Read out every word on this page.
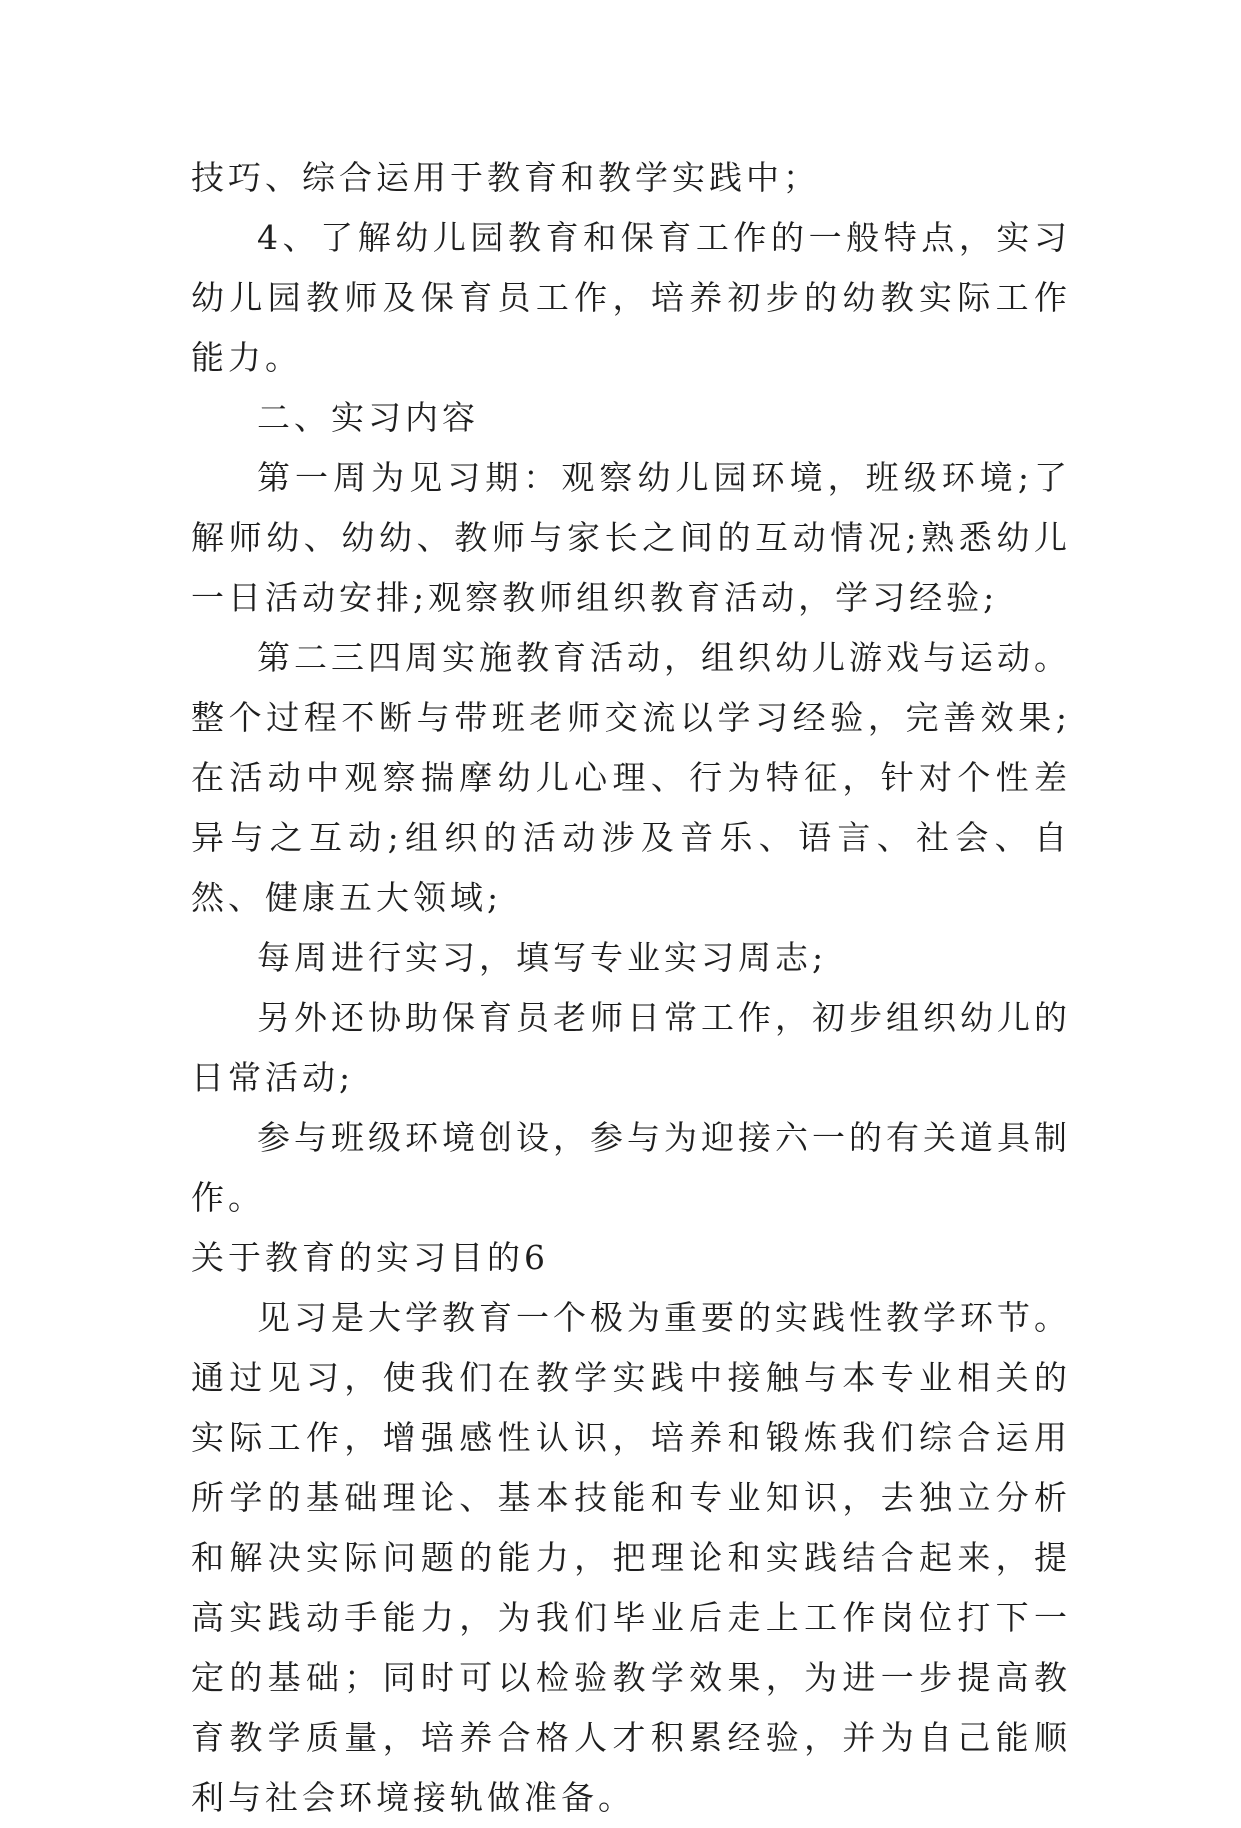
技巧、综合运用于教育和教学实践中；

4、了解幼儿园教育和保育工作的一般特点，实习幼儿园教师及保育员工作，培养初步的幼教实际工作能力。

二、实习内容

第一周为见习期：观察幼儿园环境，班级环境;了解师幼、幼幼、教师与家长之间的互动情况;熟悉幼儿一日活动安排;观察教师组织教育活动，学习经验;

第二三四周实施教育活动，组织幼儿游戏与运动。整个过程不断与带班老师交流以学习经验，完善效果;在活动中观察揣摩幼儿心理、行为特征，针对个性差异与之互动;组织的活动涉及音乐、语言、社会、自然、健康五大领域;

每周进行实习，填写专业实习周志;

另外还协助保育员老师日常工作，初步组织幼儿的日常活动;

参与班级环境创设，参与为迎接六一的有关道具制作。

关于教育的实习目的6

见习是大学教育一个极为重要的实践性教学环节。通过见习，使我们在教学实践中接触与本专业相关的实际工作，增强感性认识，培养和锻炼我们综合运用所学的基础理论、基本技能和专业知识，去独立分析和解决实际问题的能力，把理论和实践结合起来，提高实践动手能力，为我们毕业后走上工作岗位打下一定的基础；同时可以检验教学效果，为进一步提高教育教学质量，培养合格人才积累经验，并为自己能顺利与社会环境接轨做准备。
